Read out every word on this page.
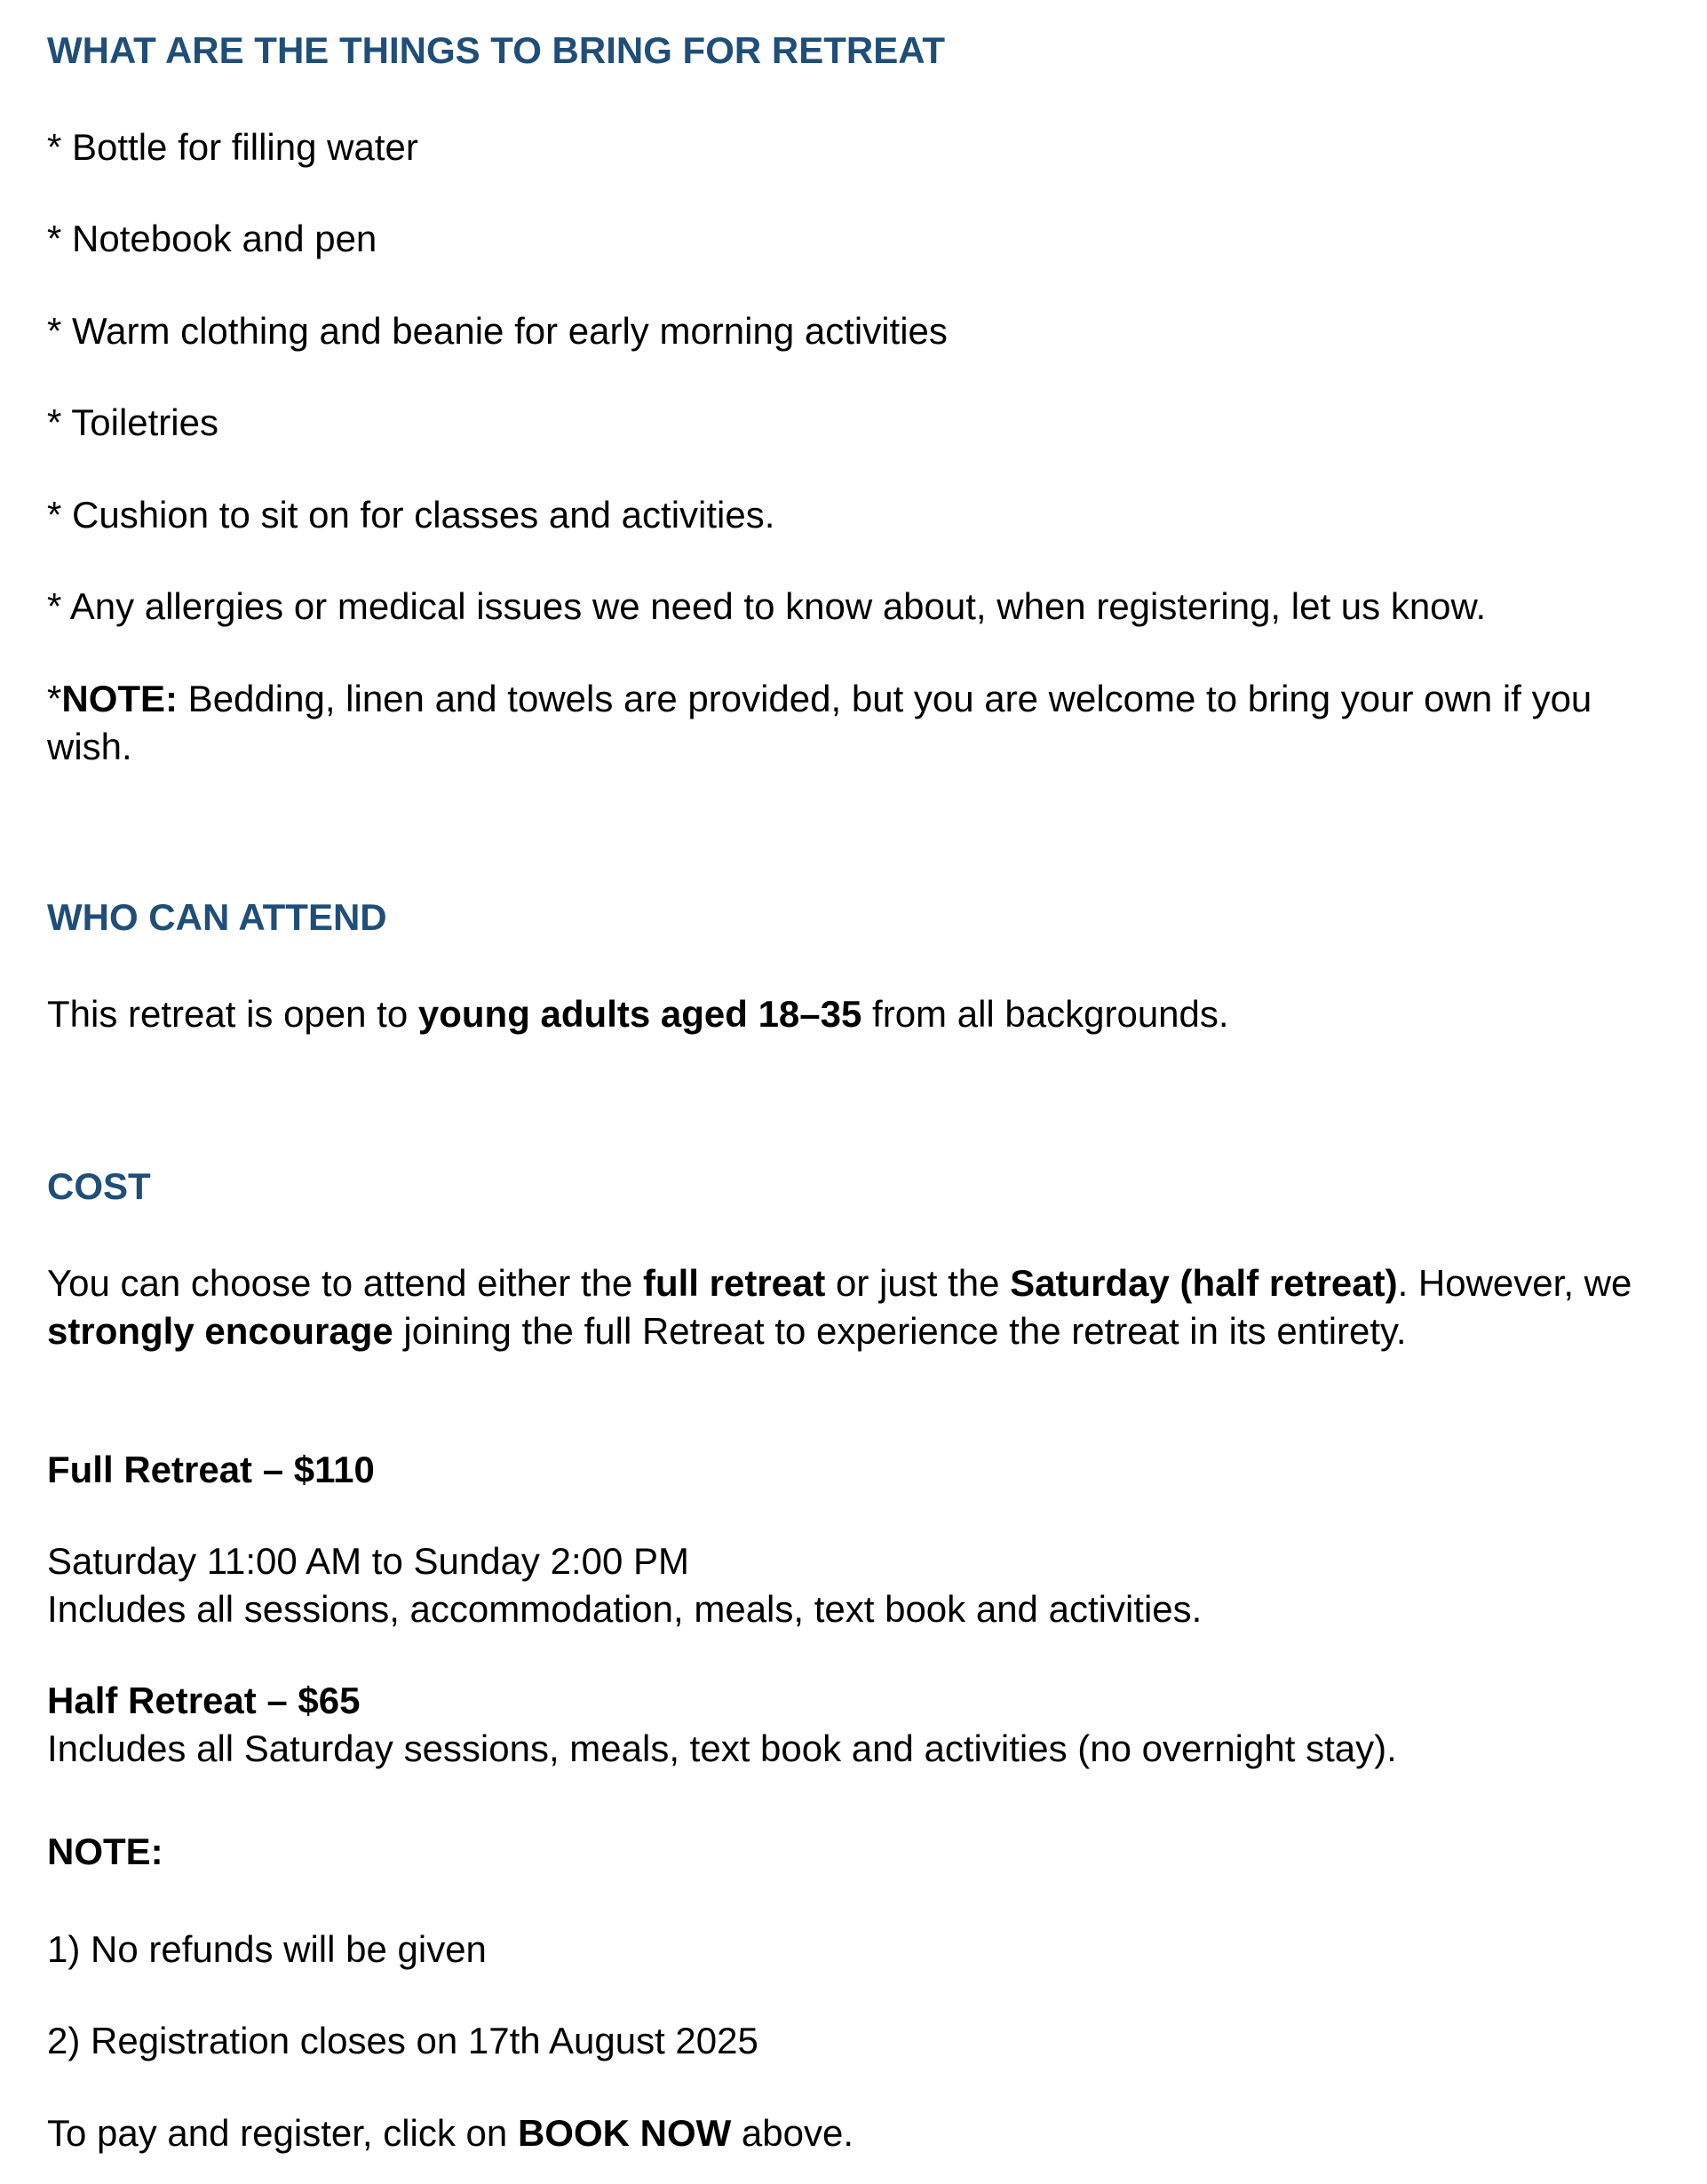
WHAT ARE THE THINGS TO BRING FOR RETREAT

* Bottle for filling water

* Notebook and pen

* Warm clothing and beanie for early morning activities

* Toiletries

* Cushion to sit on for classes and activities.

* Any allergies or medical issues we need to know about, when registering, let us know.

*NOTE: Bedding, linen and towels are provided, but you are welcome to bring your own if you wish.

WHO CAN ATTEND

This retreat is open to young adults aged 18–35 from all backgrounds.

COST

You can choose to attend either the full retreat or just the Saturday (half retreat). However, we strongly encourage joining the full Retreat to experience the retreat in its entirety.

Full Retreat – $110

Saturday 11:00 AM to Sunday 2:00 PM

Includes all sessions, accommodation, meals, text book and activities.

Half Retreat – $65

Includes all Saturday sessions, meals, text book and activities (no overnight stay).

NOTE:

1) No refunds will be given

2) Registration closes on 17th August 2025

To pay and register, click on BOOK NOW above.
